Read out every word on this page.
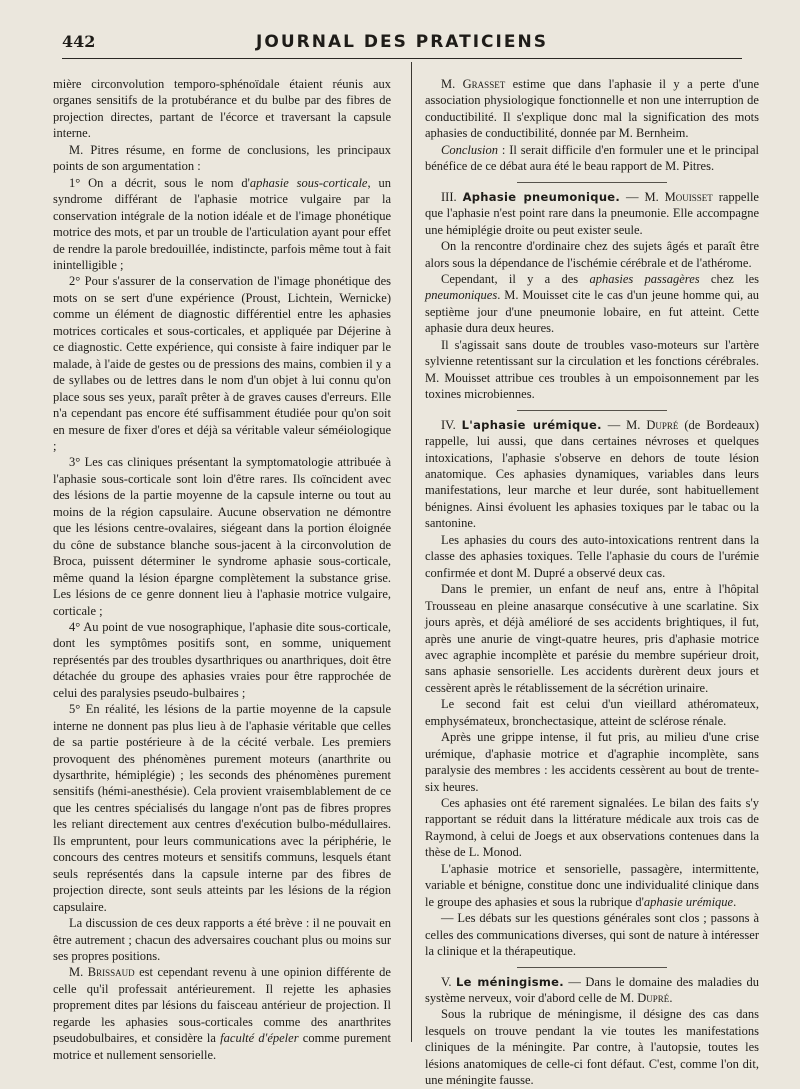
442	JOURNAL DES PRATICIENS

mière circonvolution temporo-sphénoïdale étaient réunis aux organes sensitifs de la protubérance et du bulbe par des fibres de projection directes, partant de l'écorce et traversant la capsule interne.

M. Pitres résume, en forme de conclusions, les principaux points de son argumentation :

1° On a décrit, sous le nom d'aphasie sous-corticale, un syndrome différant de l'aphasie motrice vulgaire par la conservation intégrale de la notion idéale et de l'image phonétique motrice des mots, et par un trouble de l'articulation ayant pour effet de rendre la parole bredouillée, indistincte, parfois même tout à fait inintelligible ;

2° Pour s'assurer de la conservation de l'image phonétique des mots on se sert d'une expérience (Proust, Lichtein, Wernicke) comme un élément de diagnostic différentiel entre les aphasies motrices corticales et sous-corticales, et appliquée par Déjerine à ce diagnostic. Cette expérience, qui consiste à faire indiquer par le malade, à l'aide de gestes ou de pressions des mains, combien il y a de syllabes ou de lettres dans le nom d'un objet à lui connu qu'on place sous ses yeux, paraît prêter à de graves causes d'erreurs. Elle n'a cependant pas encore été suffisamment étudiée pour qu'on soit en mesure de fixer d'ores et déjà sa véritable valeur séméiologique ;

3° Les cas cliniques présentant la symptomatologie attribuée à l'aphasie sous-corticale sont loin d'être rares. Ils coïncident avec des lésions de la partie moyenne de la capsule interne ou tout au moins de la région capsulaire. Aucune observation ne démontre que les lésions centre-ovalaires, siégeant dans la portion éloignée du cône de substance blanche sous-jacent à la circonvolution de Broca, puissent déterminer le syndrome aphasie sous-corticale, même quand la lésion épargne complètement la substance grise. Les lésions de ce genre donnent lieu à l'aphasie motrice vulgaire, corticale ;

4° Au point de vue nosographique, l'aphasie dite sous-corticale, dont les symptômes positifs sont, en somme, uniquement représentés par des troubles dysarthriques ou anarthriques, doit être détachée du groupe des aphasies vraies pour être rapprochée de celui des paralysies pseudo-bulbaires ;

5° En réalité, les lésions de la partie moyenne de la capsule interne ne donnent pas plus lieu à de l'aphasie véritable que celles de sa partie postérieure à de la cécité verbale. Les premiers provoquent des phénomènes purement moteurs (anarthrite ou dysarthrite, hémiplégie) ; les seconds des phénomènes purement sensitifs (hémi-anesthésie). Cela provient vraisemblablement de ce que les centres spécialisés du langage n'ont pas de fibres propres les reliant directement aux centres d'exécution bulbo-médullaires. Ils empruntent, pour leurs communications avec la périphérie, le concours des centres moteurs et sensitifs communs, lesquels étant seuls représentés dans la capsule interne par des fibres de projection directe, sont seuls atteints par les lésions de la région capsulaire.

La discussion de ces deux rapports a été brève : il ne pouvait en être autrement ; chacun des adversaires couchant plus ou moins sur ses propres positions.

M. Brissaud est cependant revenu à une opinion différente de celle qu'il professait antérieurement. Il rejette les aphasies proprement dites par lésions du faisceau antérieur de projection. Il regarde les aphasies sous-corticales comme des anarthrites pseudobulbaires, et considère la faculté d'épeler comme purement motrice et nullement sensorielle.

M. Grasset estime que dans l'aphasie il y a perte d'une association physiologique fonctionnelle et non une interruption de conductibilité. Il s'explique donc mal la signification des mots aphasies de conductibilité, donnée par M. Bernheim.

Conclusion : Il serait difficile d'en formuler une et le principal bénéfice de ce débat aura été le beau rapport de M. Pitres.

III. Aphasie pneumonique. — M. Mouisset rappelle que l'aphasie n'est point rare dans la pneumonie. Elle accompagne une hémiplégie droite ou peut exister seule.

On la rencontre d'ordinaire chez des sujets âgés et paraît être alors sous la dépendance de l'ischémie cérébrale et de l'athérome.

Cependant, il y a des aphasies passagères chez les pneumoniques. M. Mouisset cite le cas d'un jeune homme qui, au septième jour d'une pneumonie lobaire, en fut atteint. Cette aphasie dura deux heures.

Il s'agissait sans doute de troubles vaso-moteurs sur l'artère sylvienne retentissant sur la circulation et les fonctions cérébrales. M. Mouisset attribue ces troubles à un empoisonnement par les toxines microbiennes.

IV. L'aphasie urémique. — M. Dupré (de Bordeaux) rappelle, lui aussi, que dans certaines névroses et quelques intoxications, l'aphasie s'observe en dehors de toute lésion anatomique. Ces aphasies dynamiques, variables dans leurs manifestations, leur marche et leur durée, sont habituellement bénignes. Ainsi évoluent les aphasies toxiques par le tabac ou la santonine.

Les aphasies du cours des auto-intoxications rentrent dans la classe des aphasies toxiques. Telle l'aphasie du cours de l'urémie confirmée et dont M. Dupré a observé deux cas.

Dans le premier, un enfant de neuf ans, entre à l'hôpital Trousseau en pleine anasarque consécutive à une scarlatine. Six jours après, et déjà amélioré de ses accidents brightiques, il fut, après une anurie de vingt-quatre heures, pris d'aphasie motrice avec agraphie incomplète et parésie du membre supérieur droit, sans aphasie sensorielle. Les accidents durèrent deux jours et cessèrent après le rétablissement de la sécrétion urinaire.

Le second fait est celui d'un vieillard athéromateux, emphysémateux, bronchectasique, atteint de sclérose rénale.

Après une grippe intense, il fut pris, au milieu d'une crise urémique, d'aphasie motrice et d'agraphie incomplète, sans paralysie des membres : les accidents cessèrent au bout de trente-six heures.

Ces aphasies ont été rarement signalées. Le bilan des faits s'y rapportant se réduit dans la littérature médicale aux trois cas de Raymond, à celui de Joegs et aux observations contenues dans la thèse de L. Monod.

L'aphasie motrice et sensorielle, passagère, intermittente, variable et bénigne, constitue donc une individualité clinique dans le groupe des aphasies et sous la rubrique d'aphasie urémique.

— Les débats sur les questions générales sont clos ; passons à celles des communications diverses, qui sont de nature à intéresser la clinique et la thérapeutique.

V. Le méningisme. — Dans le domaine des maladies du système nerveux, voir d'abord celle de M. Dupré.

Sous la rubrique de méningisme, il désigne des cas dans lesquels on trouve pendant la vie toutes les manifestations cliniques de la méningite. Par contre, à l'autopsie, toutes les lésions anatomiques de celle-ci font défaut. C'est, comme l'on dit, une méningite fausse.
